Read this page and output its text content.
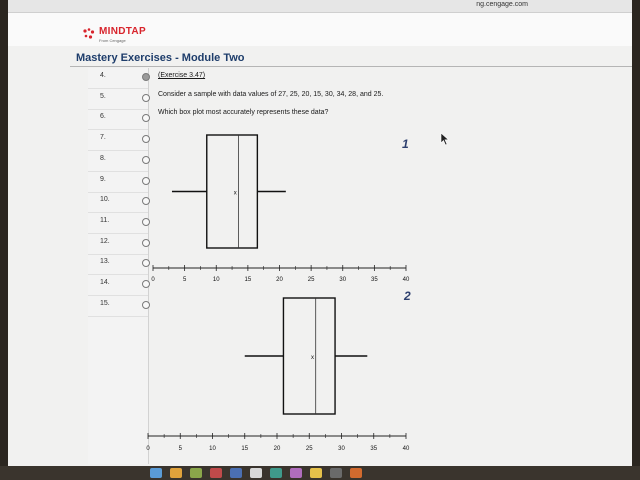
ng.cengage.com
MINDTAP
From Cengage
Mastery Exercises - Module Two
4.
5.
6.
7.
8.
9.
10.
11.
12.
13.
14.
15.
(Exercise 3.47)
Consider a sample with data values of 27, 25, 20, 15, 30, 34, 28, and 25.
Which box plot most accurately represents these data?
1
2
x
0	5	10	15	20	25	30	35	40
x
0	5	10	15	20	25	30	35	40
